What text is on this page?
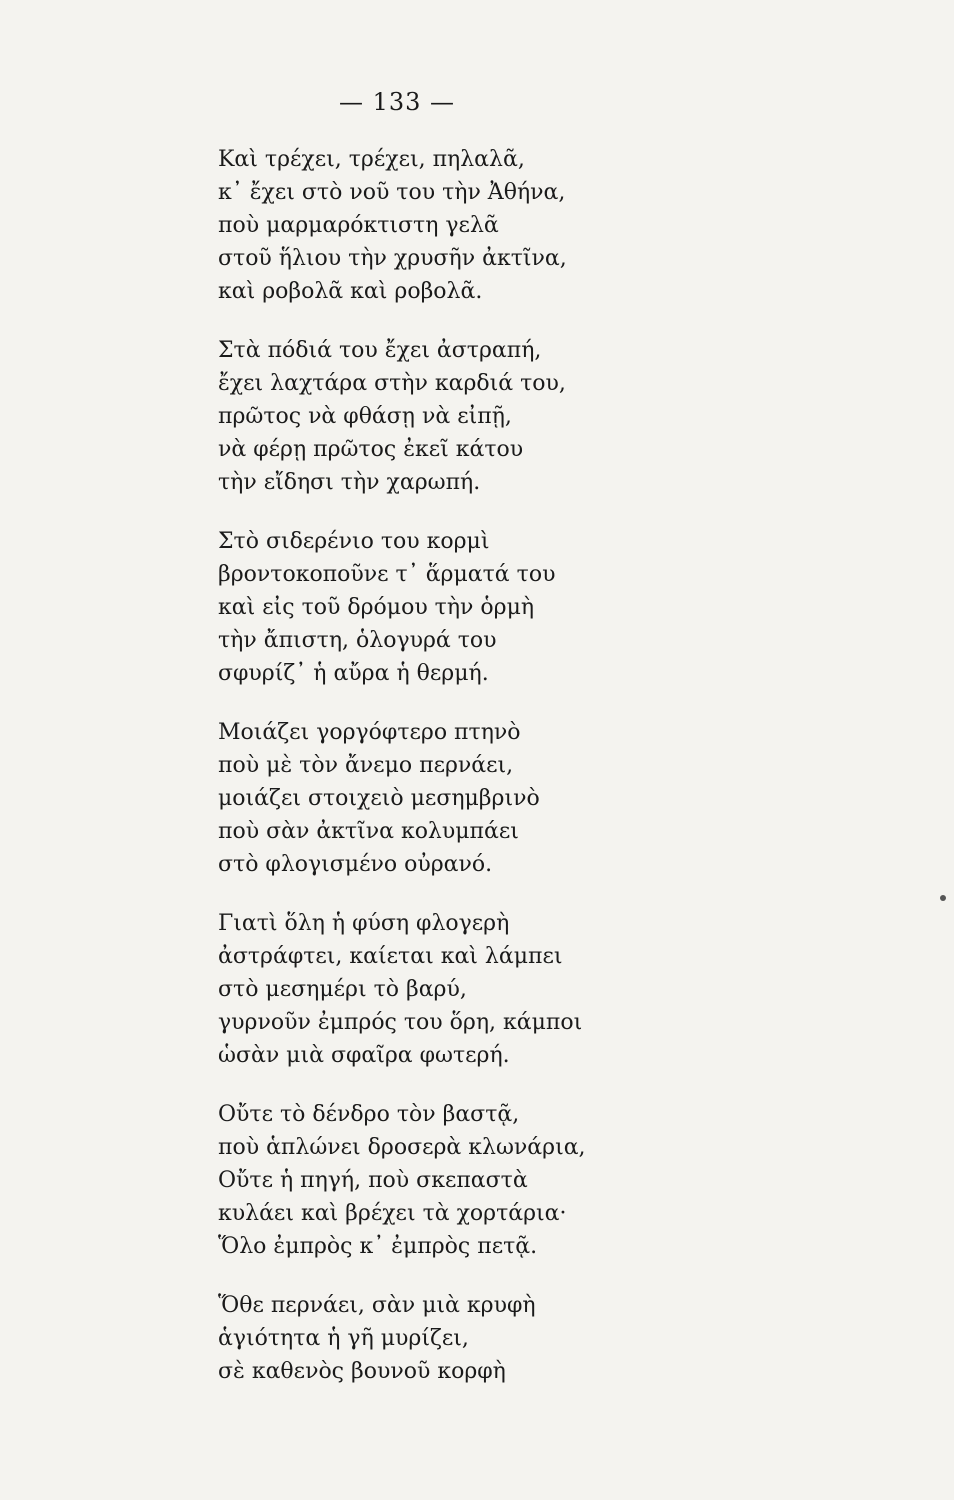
— 133 —
Καὶ τρέχει, τρέχει, πηλαλᾶ,
κ᾿ ἔχει στὸ νοῦ του τὴν Ἀθήνα,
ποὺ μαρμαρόκτιστη γελᾶ
στοῦ ἥλιου τὴν χρυσῆν ἀκτῖνα,
καὶ ροβολᾶ καὶ ροβολᾶ.
Στὰ πόδιά του ἔχει ἀστραπή,
ἔχει λαχτάρα στὴν καρδιά του,
πρῶτος νὰ φθάσῃ νὰ εἰπῇ,
νὰ φέρῃ πρῶτος ἐκεῖ κάτου
τὴν εἴδησι τὴν χαρωπή.
Στὸ σιδερένιο του κορμὶ
βροντοκοποῦνε τ᾿ ἅρματά του
καὶ εἰς τοῦ δρόμου τὴν ὁρμὴ
τὴν ἄπιστη, ὁλογυρά του
σφυρίζ᾿ ἡ αὔρα ἡ θερμή.
Μοιάζει γοργόφτερο πτηνὸ
ποὺ μὲ τὸν ἄνεμο περνάει,
μοιάζει στοιχειὸ μεσημβρινὸ
ποὺ σὰν ἀκτῖνα κολυμπάει
στὸ φλογισμένο οὐρανό.
Γιατὶ ὅλη ἡ φύση φλογερὴ
ἀστράφτει, καίεται καὶ λάμπει
στὸ μεσημέρι τὸ βαρύ,
γυρνοῦν ἐμπρός του ὅρη, κάμποι
ὡσὰν μιὰ σφαῖρα φωτερή.
Οὔτε τὸ δένδρο τὸν βαστᾷ,
ποὺ ἁπλώνει δροσερὰ κλωνάρια,
Οὔτε ἡ πηγή, ποὺ σκεπαστὰ
κυλάει καὶ βρέχει τὰ χορτάρια·
Ὅλο ἐμπρὸς κ᾿ ἐμπρὸς πετᾷ.
Ὅθε περνάει, σὰν μιὰ κρυφὴ
ἁγιότητα ἡ γῆ μυρίζει,
σὲ καθενὸς βουνοῦ κορφὴ
